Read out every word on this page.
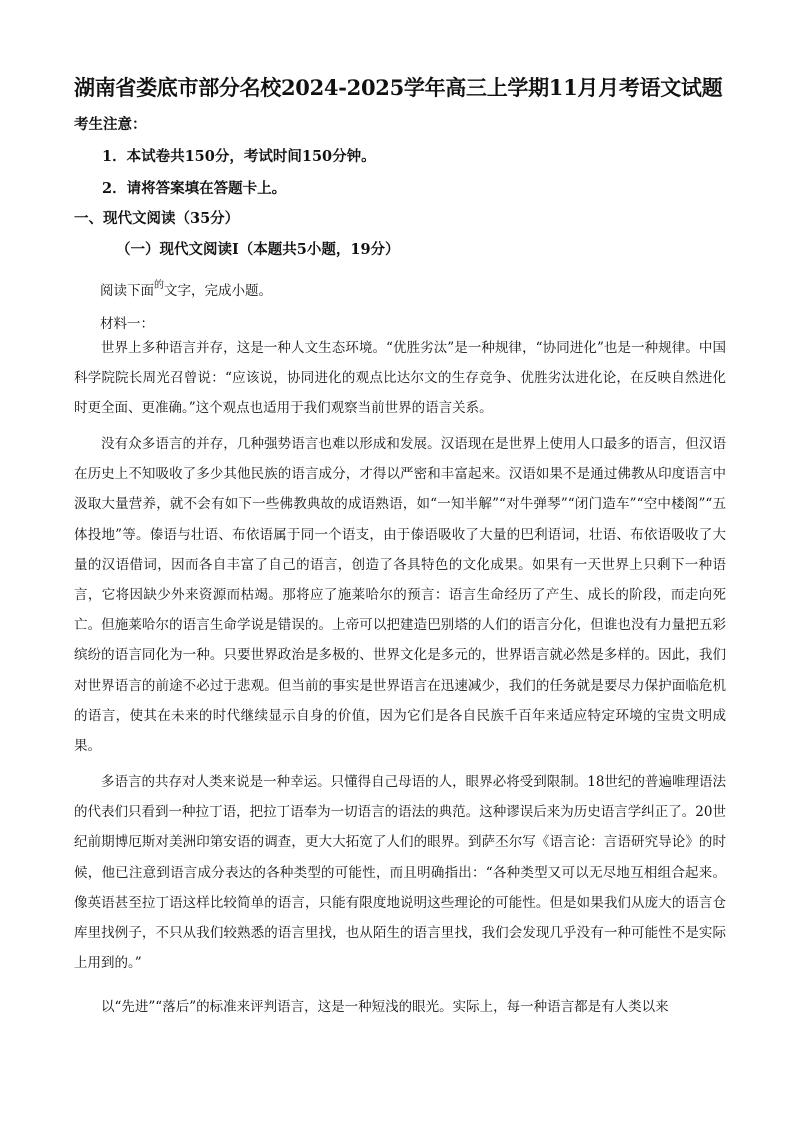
湖南省娄底市部分名校2024-2025学年高三上学期11月月考语文试题
考生注意：
1．本试卷共150分，考试时间150分钟。
2．请将答案填在答题卡上。
一、现代文阅读（35分）
（一）现代文阅读Ⅰ（本题共5小题，19分）
阅读下面$^的$文字，完成小题。
材料一：

世界上多种语言并存，这是一种人文生态环境。“优胜劣汰”是一种规律，“协同进化”也是一种规律。中国科学院院长周光召曾说：“应该说，协同进化的观点比达尔文的生存竞争、优胜劣汰进化论，在反映自然进化时更全面、更准确。”这个观点也适用于我们观察当前世界的语言关系。

没有众多语言的并存，几种强势语言也难以形成和发展。汉语现在是世界上使用人口最多的语言，但汉语在历史上不知吸收了多少其他民族的语言成分，才得以严密和丰富起来。汉语如果不是通过佛教从印度语言中汲取大量营养，就不会有如下一些佛教典故的成语熟语，如“一知半解”“对牛弹琴”“闭门造车”“空中楼阁”“五体投地”等。傣语与壮语、布依语属于同一个语支，由于傣语吸收了大量的巴利语词，壮语、布依语吸收了大量的汉语借词，因而各自丰富了自己的语言，创造了各具特色的文化成果。如果有一天世界上只剩下一种语言，它将因缺少外来资源而枯竭。那将应了施莱哈尔的预言：语言生命经历了产生、成长的阶段，而走向死亡。但施莱哈尔的语言生命学说是错误的。上帝可以把建造巴别塔的人们的语言分化，但谁也没有力量把五彩缤纷的语言同化为一种。只要世界政治是多极的、世界文化是多元的，世界语言就必然是多样的。因此，我们对世界语言的前途不必过于悲观。但当前的事实是世界语言在迅速减少，我们的任务就是要尽力保护面临危机的语言，使其在未来的时代继续显示自身的价值，因为它们是各自民族千百年来适应特定环境的宝贵文明成果。

多语言的共存对人类来说是一种幸运。只懂得自己母语的人，眼界必将受到限制。18世纪的普遍唯理语法的代表们只看到一种拉丁语，把拉丁语奉为一切语言的语法的典范。这种谬误后来为历史语言学纠正了。20世纪前期博厄斯对美洲印第安语的调查，更大大拓宽了人们的眼界。到萨丕尔写《语言论：言语研究导论》的时候，他已注意到语言成分表达的各种类型的可能性，而且明确指出：“各种类型又可以无尽地互相组合起来。像英语甚至拉丁语这样比较简单的语言，只能有限度地说明这些理论的可能性。但是如果我们从庞大的语言仓库里找例子，不只从我们较熟悉的语言里找，也从陌生的语言里找，我们会发现几乎没有一种可能性不是实际上用到的。”

以“先进”“落后”的标准来评判语言，这是一种短浅的眼光。实际上，每一种语言都是有人类以来
